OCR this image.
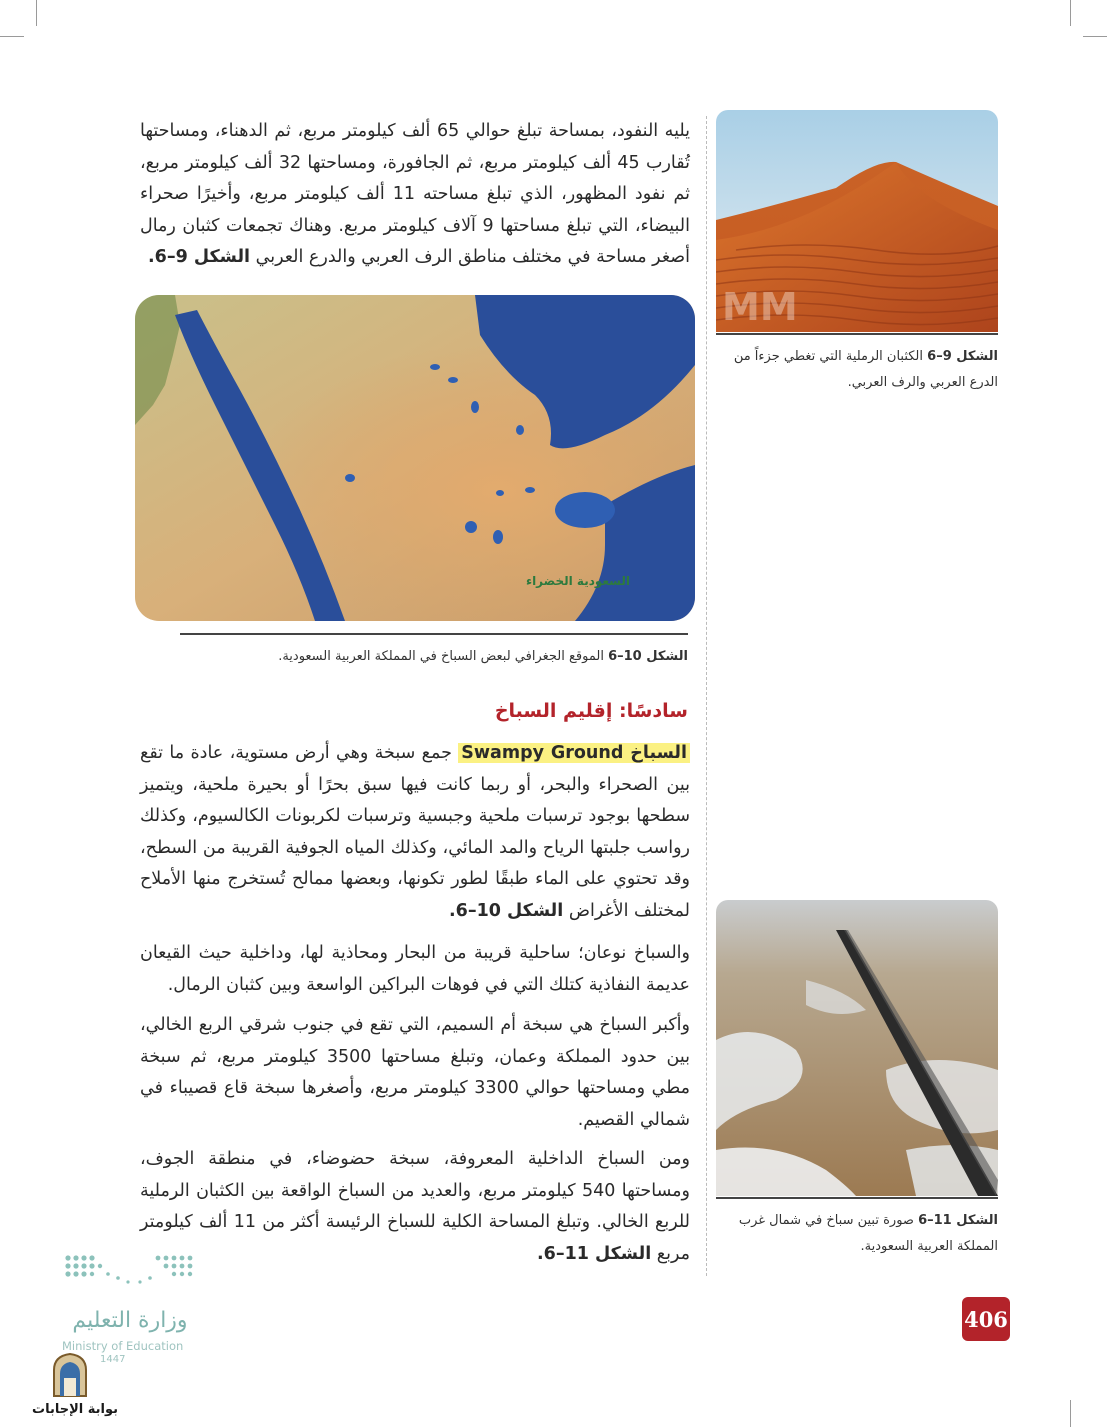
يليه النفود، بمساحة تبلغ حوالي 65 ألف كيلومتر مربع، ثم الدهناء، ومساحتها تُقارب 45 ألف كيلومتر مربع، ثم الجافورة، ومساحتها 32 ألف كيلومتر مربع، ثم نفود المظهور، الذي تبلغ مساحته 11 ألف كيلومتر مربع، وأخيرًا صحراء البيضاء، التي تبلغ مساحتها 9 آلاف كيلومتر مربع. وهناك تجمعات كثبان رمال أصغر مساحة في مختلف مناطق الرف العربي والدرع العربي الشكل 9–6.

MM
الشكل 9–6 الكثبان الرملية التي تغطي جزءاً من الدرع العربي والرف العربي.
السعودية الخضراء
الشكل 10–6 الموقع الجغرافي لبعض السباخ في المملكة العربية السعودية.
سادسًا: إقليم السباخ

السباخ Swampy Ground جمع سبخة وهي أرض مستوية، عادة ما تقع بين الصحراء والبحر، أو ربما كانت فيها سبق بحرًا أو بحيرة ملحية، ويتميز سطحها بوجود ترسبات ملحية وجبسية وترسبات لكربونات الكالسيوم، وكذلك رواسب جلبتها الرياح والمد المائي، وكذلك المياه الجوفية القريبة من السطح، وقد تحتوي على الماء طبقًا لطور تكونها، وبعضها ممالح تُستخرج منها الأملاح لمختلف الأغراض الشكل 10–6.

والسباخ نوعان؛ ساحلية قريبة من البحار ومحاذية لها، وداخلية حيث القيعان عديمة النفاذية كتلك التي في فوهات البراكين الواسعة وبين كثبان الرمال.
وأكبر السباخ هي سبخة أم السميم، التي تقع في جنوب شرقي الربع الخالي، بين حدود المملكة وعمان، وتبلغ مساحتها 3500 كيلومتر مربع، ثم سبخة مطي ومساحتها حوالي 3300 كيلومتر مربع، وأصغرها سبخة قاع قصيباء في شمالي القصيم.

ومن السباخ الداخلية المعروفة، سبخة حضوضاء، في منطقة الجوف، ومساحتها 540 كيلومتر مربع، والعديد من السباخ الواقعة بين الكثبان الرملية للربع الخالي. وتبلغ المساحة الكلية للسباخ الرئيسة أكثر من 11 ألف كيلومتر مربع الشكل 11–6.

الشكل 11–6 صورة تبين سباخ في شمال غرب المملكة العربية السعودية.
406
وزارة التعليم
Ministry of Education
1447
بوابة الإجابات
